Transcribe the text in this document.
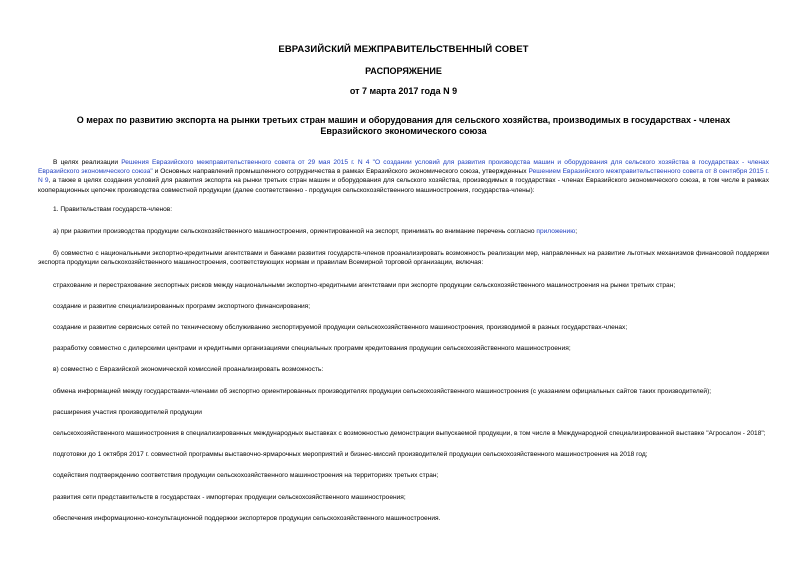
ЕВРАЗИЙСКИЙ МЕЖПРАВИТЕЛЬСТВЕННЫЙ СОВЕТ
РАСПОРЯЖЕНИЕ
от 7 марта 2017 года N 9
О мерах по развитию экспорта на рынки третьих стран машин и оборудования для сельского хозяйства, производимых в государствах - членах Евразийского экономического союза

В целях реализации Решения Евразийского межправительственного совета от 29 мая 2015 г. N 4 "О создании условий для развития производства машин и оборудования для сельского хозяйства в государствах - членах Евразийского экономического союза" и Основных направлений промышленного сотрудничества в рамках Евразийского экономического союза, утвержденных Решением Евразийского межправительственного совета от 8 сентября 2015 г. N 9, а также в целях создания условий для развития экспорта на рынки третьих стран машин и оборудования для сельского хозяйства, производимых в государствах - членах Евразийского экономического союза, в том числе в рамках кооперационных цепочек производства совместной продукции (далее соответственно - продукция сельскохозяйственного машиностроения, государства-члены):

1. Правительствам государств-членов:

а) при развитии производства продукции сельскохозяйственного машиностроения, ориентированной на экспорт, принимать во внимание перечень согласно приложению;

б) совместно с национальными экспортно-кредитными агентствами и банками развития государств-членов проанализировать возможность реализации мер, направленных на развитие льготных механизмов финансовой поддержки экспорта продукции сельскохозяйственного машиностроения, соответствующих нормам и правилам Всемирной торговой организации, включая:

страхование и перестрахование экспортных рисков между национальными экспортно-кредитными агентствами при экспорте продукции сельскохозяйственного машиностроения на рынки третьих стран;

создание и развитие специализированных программ экспортного финансирования;

создание и развитие сервисных сетей по техническому обслуживанию экспортируемой продукции сельскохозяйственного машиностроения, производимой в разных государствах-членах;

разработку совместно с дилерскими центрами и кредитными организациями специальных программ кредитования продукции сельскохозяйственного машиностроения;

в) совместно с Евразийской экономической комиссией проанализировать возможность:

обмена информацией между государствами-членами об экспортно ориентированных производителях продукции сельскохозяйственного машиностроения (с указанием официальных сайтов таких производителей);

расширения участия производителей продукции

сельскохозяйственного машиностроения в специализированных международных выставках с возможностью демонстрации выпускаемой продукции, в том числе в Международной специализированной выставке "Агросалон - 2018";

подготовки до 1 октября 2017 г. совместной программы выставочно-ярмарочных мероприятий и бизнес-миссий производителей продукции сельскохозяйственного машиностроения на 2018 год;

содействия подтверждению соответствия продукции сельскохозяйственного машиностроения на территориях третьих стран;

развития сети представительств в государствах - импортерах продукции сельскохозяйственного машиностроения;

обеспечения информационно-консультационной поддержки экспортеров продукции сельскохозяйственного машиностроения.
